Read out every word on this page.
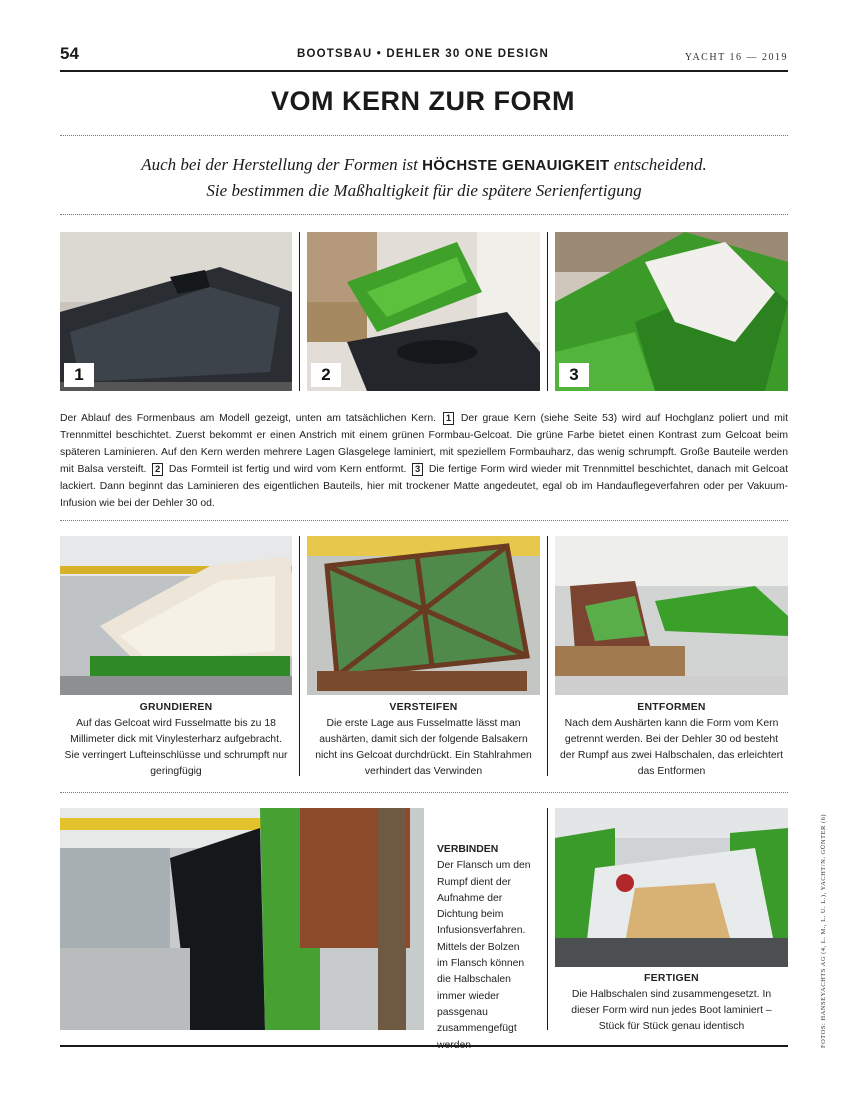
54	BOOTSBAU • DEHLER 30 ONE DESIGN	YACHT 16 — 2019
VOM KERN ZUR FORM
Auch bei der Herstellung der Formen ist HÖCHSTE GENAUIGKEIT entscheidend.
Sie bestimmen die Maßhaltigkeit für die spätere Serienfertigung
1	2	3
Der Ablauf des Formenbaus am Modell gezeigt, unten am tatsächlichen Kern. 1 Der graue Kern (siehe Seite 53) wird auf Hochglanz poliert und mit Trennmittel beschichtet. Zuerst bekommt er einen Anstrich mit einem grünen Formbau-Gelcoat. Die grüne Farbe bietet einen Kontrast zum Gelcoat beim späteren Laminieren. Auf den Kern werden mehrere Lagen Glasgelege laminiert, mit speziellem Formbauharz, das wenig schrumpft. Große Bauteile werden mit Balsa versteift. 2 Das Formteil ist fertig und wird vom Kern entformt. 3 Die fertige Form wird wieder mit Trennmittel beschichtet, danach mit Gelcoat lackiert. Dann beginnt das Laminieren des eigentlichen Bauteils, hier mit trockener Matte angedeutet, egal ob im Handauflegeverfahren oder per Vakuum-Infusion wie bei der Dehler 30 od.
GRUNDIEREN
Auf das Gelcoat wird Fusselmatte bis zu 18 Millimeter dick mit Vinylesterharz aufgebracht. Sie verringert Lufteinschlüsse und schrumpft nur geringfügig
VERSTEIFEN
Die erste Lage aus Fusselmatte lässt man aushärten, damit sich der folgende Balsakern nicht ins Gelcoat durchdrückt. Ein Stahlrahmen verhindert das Verwinden
ENTFORMEN
Nach dem Aushärten kann die Form vom Kern getrennt werden. Bei der Dehler 30 od besteht der Rumpf aus zwei Halbschalen, das erleichtert das Entformen
VERBINDEN
Der Flansch um den Rumpf dient der Aufnahme der Dichtung beim Infusionsverfahren. Mittels der Bolzen im Flansch können die Halbschalen immer wieder passgenau zusammengefügt werden
FERTIGEN
Die Halbschalen sind zusammengesetzt. In dieser Form wird nun jedes Boot laminiert – Stück für Stück genau identisch	FOTOS: HANSEYACHTS AG (4, L. M., L. U. L.), YACHT/N. GÜNTER (6)
